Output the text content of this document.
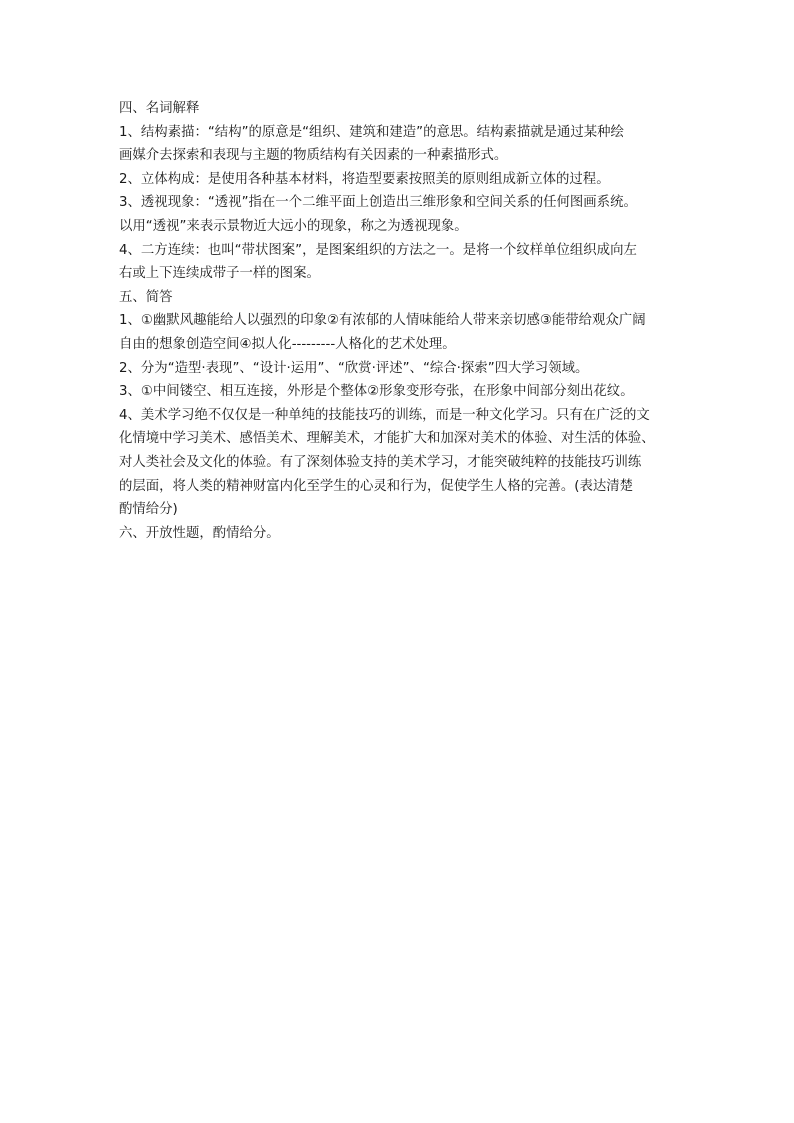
四、名词解释

1、结构素描：“结构”的原意是“组织、建筑和建造”的意思。结构素描就是通过某种绘
画媒介去探索和表现与主题的物质结构有关因素的一种素描形式。

2、立体构成：是使用各种基本材料，将造型要素按照美的原则组成新立体的过程。

3、透视现象：“透视”指在一个二维平面上创造出三维形象和空间关系的任何图画系统。
以用“透视”来表示景物近大远小的现象，称之为透视现象。

4、二方连续：也叫“带状图案”，是图案组织的方法之一。是将一个纹样单位组织成向左
右或上下连续成带子一样的图案。

五、简答

1、①幽默风趣能给人以强烈的印象②有浓郁的人情味能给人带来亲切感③能带给观众广阔
自由的想象创造空间④拟人化---------人格化的艺术处理。

2、分为“造型·表现”、“设计·运用”、“欣赏·评述”、“综合·探索”四大学习领域。

3、①中间镂空、相互连接，外形是个整体②形象变形夸张，在形象中间部分刻出花纹。

4、美术学习绝不仅仅是一种单纯的技能技巧的训练，而是一种文化学习。只有在广泛的文
化情境中学习美术、感悟美术、理解美术，才能扩大和加深对美术的体验、对生活的体验、
对人类社会及文化的体验。有了深刻体验支持的美术学习，才能突破纯粹的技能技巧训练
的层面，将人类的精神财富内化至学生的心灵和行为，促使学生人格的完善。(表达清楚
酌情给分)

六、开放性题，酌情给分。
